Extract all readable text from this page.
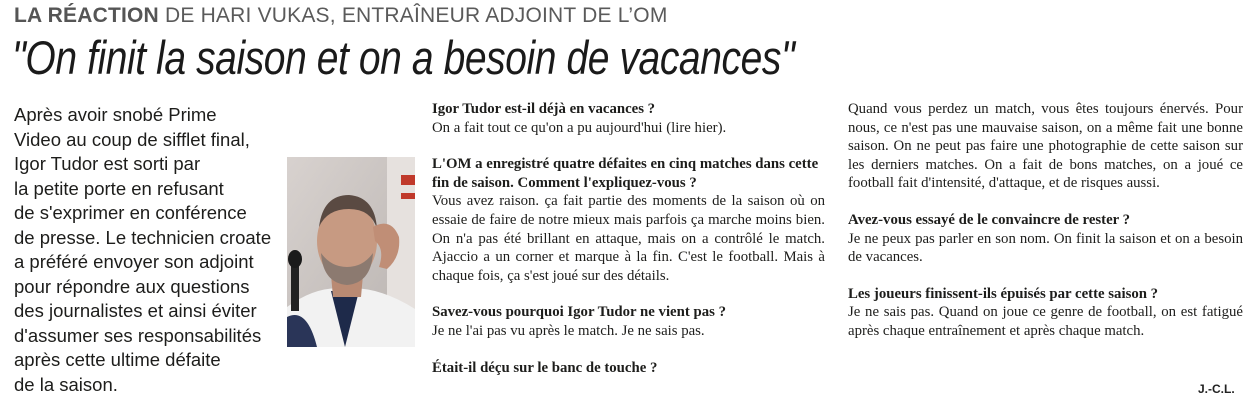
LA RÉACTION DE HARI VUKAS, ENTRAÎNEUR ADJOINT DE L’OM
"On finit la saison et on a besoin de vacances"
Après avoir snobé Prime
Video au coup de sifflet final,
Igor Tudor est sorti par
la petite porte en refusant
de s'exprimer en conférence
de presse. Le technicien croate
a préféré envoyer son adjoint
pour répondre aux questions
des journalistes et ainsi éviter
d'assumer ses responsabilités
après cette ultime défaite
de la saison.

Igor Tudor est-il déjà en vacances ?

On a fait tout ce qu'on a pu aujourd'hui (lire hier).

L'OM a enregistré quatre défaites en cinq matches dans cette fin de saison. Comment l'expliquez-vous ?

Vous avez raison. ça fait partie des moments de la saison où on essaie de faire de notre mieux mais parfois ça marche moins bien. On n'a pas été brillant en attaque, mais on a contrôlé le match. Ajaccio a un corner et marque à la fin. C'est le football. Mais à chaque fois, ça s'est joué sur des détails.

Savez-vous pourquoi Igor Tudor ne vient pas ?

Je ne l'ai pas vu après le match. Je ne sais pas.

Était-il déçu sur le banc de touche ?

Quand vous perdez un match, vous êtes toujours énervés. Pour nous, ce n'est pas une mauvaise saison, on a même fait une bonne saison. On ne peut pas faire une photographie de cette saison sur les derniers matches. On a fait de bons matches, on a joué ce football fait d'intensité, d'attaque, et de risques aussi.

Avez-vous essayé de le convaincre de rester ?

Je ne peux pas parler en son nom. On finit la saison et on a besoin de vacances.

Les joueurs finissent-ils épuisés par cette saison ?

Je ne sais pas. Quand on joue ce genre de football, on est fatigué après chaque entraînement et après chaque match.

J.-C.L.
